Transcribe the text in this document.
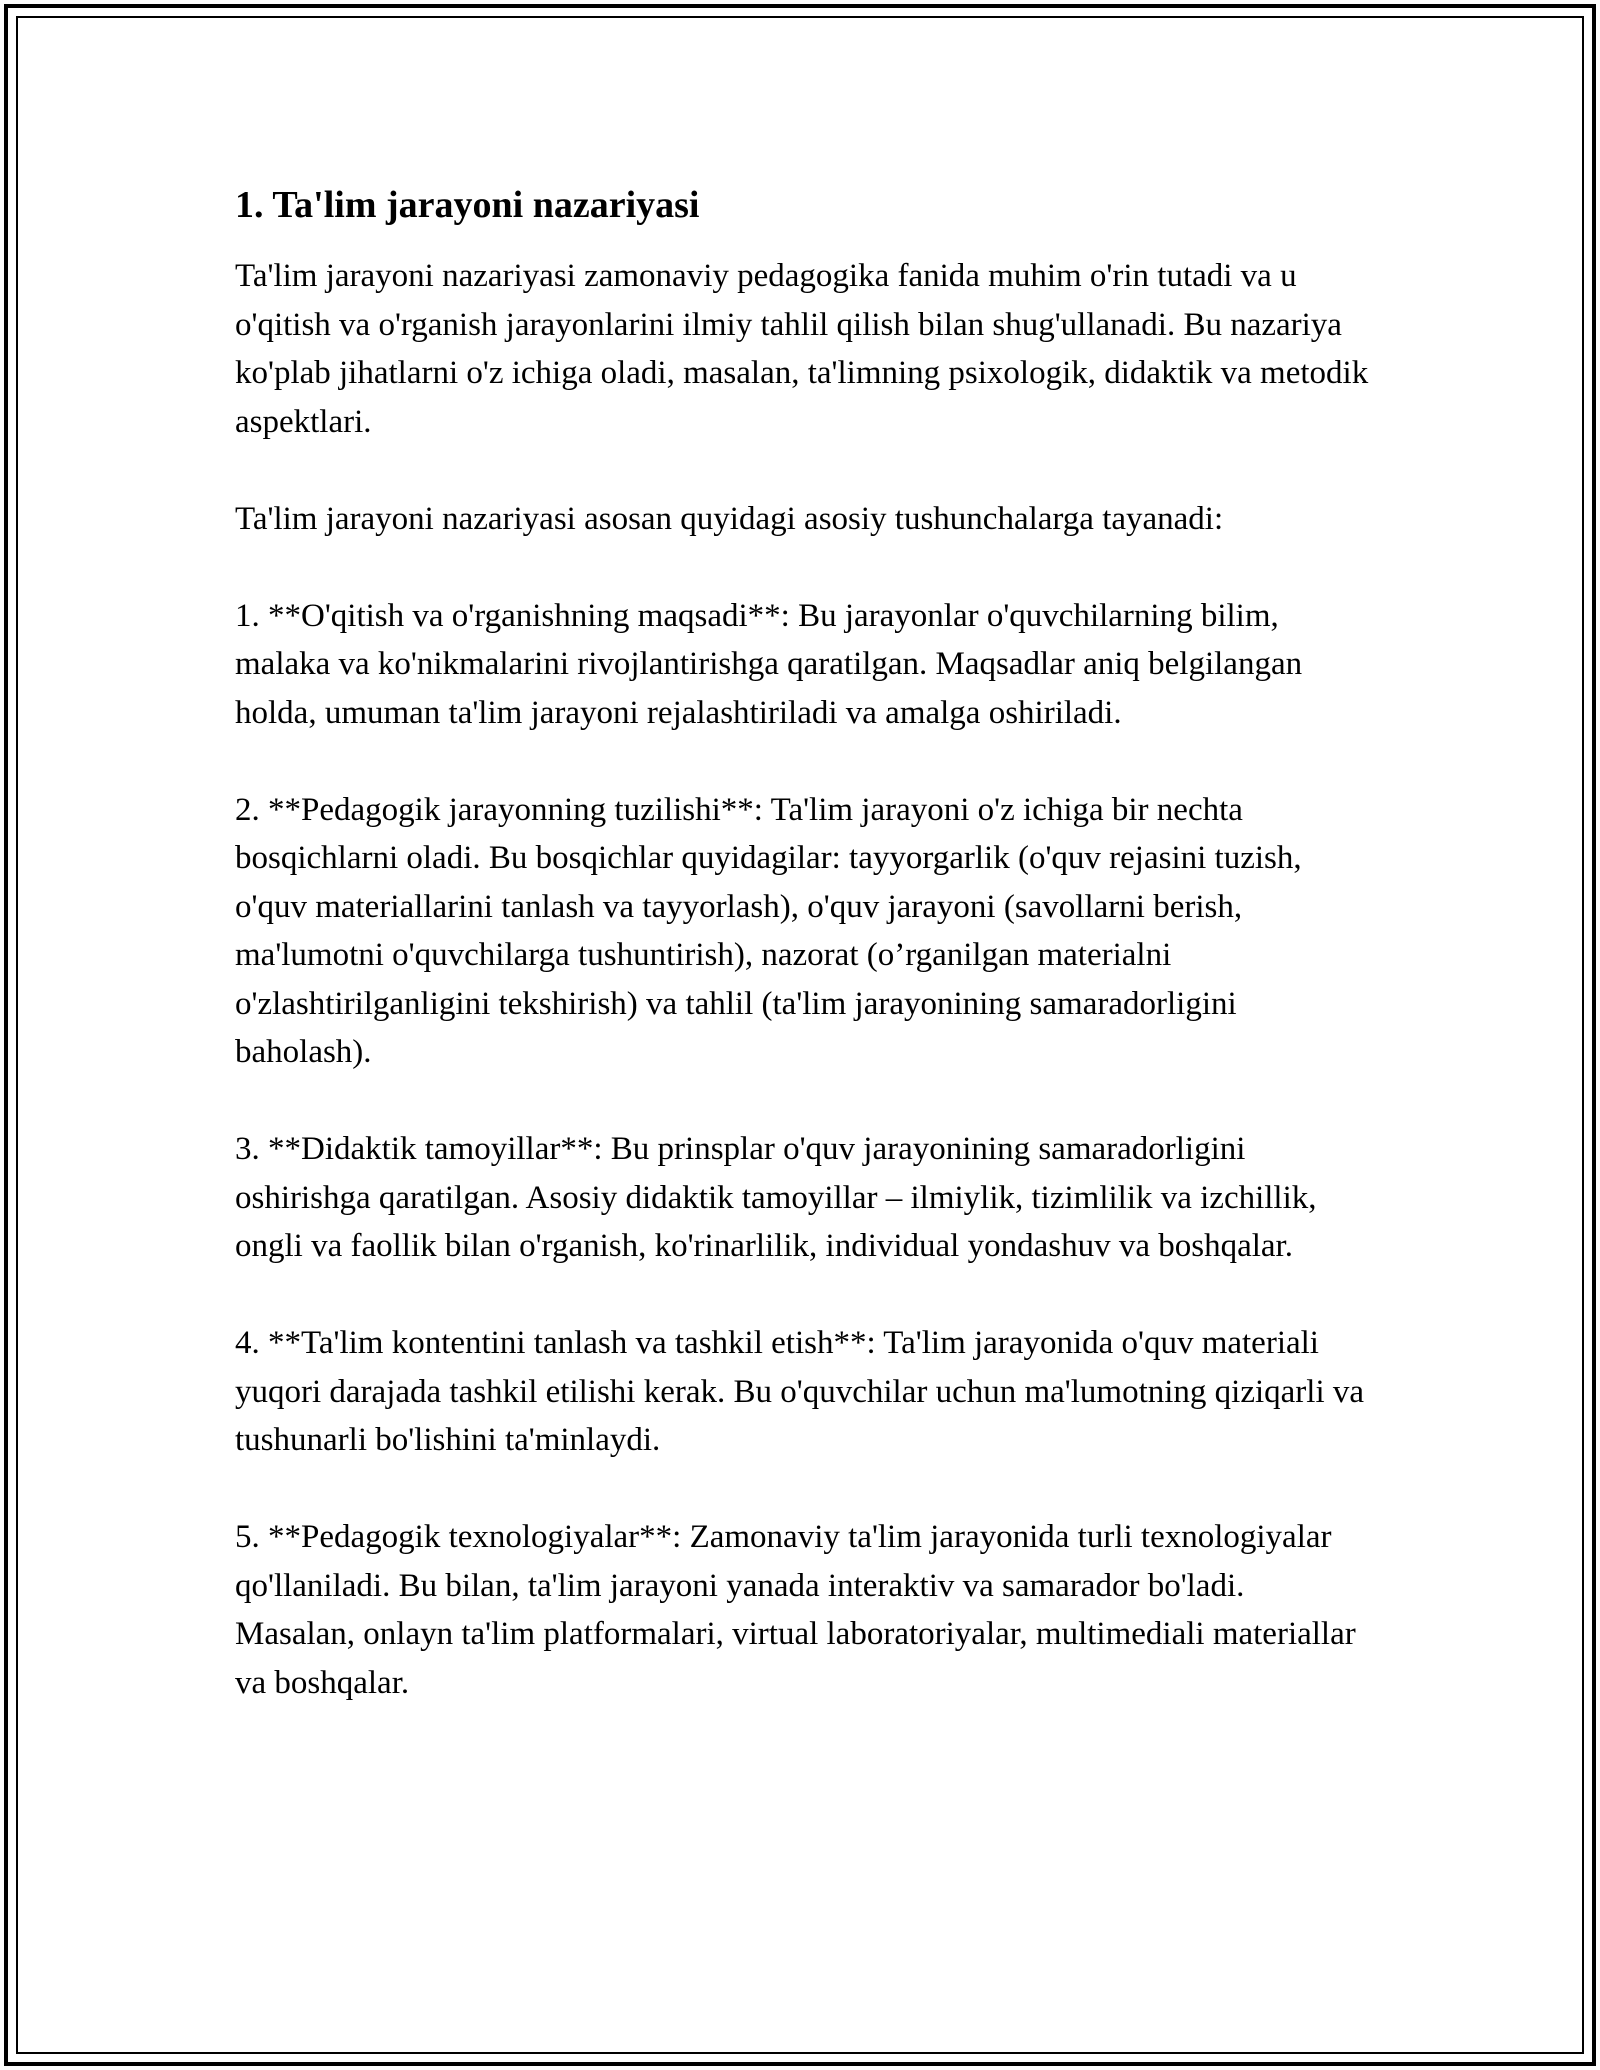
1. Ta'lim jarayoni nazariyasi

Ta'lim jarayoni nazariyasi zamonaviy pedagogika fanida muhim o'rin tutadi va u o'qitish va o'rganish jarayonlarini ilmiy tahlil qilish bilan shug'ullanadi. Bu nazariya ko'plab jihatlarni o'z ichiga oladi, masalan, ta'limning psixologik, didaktik va metodik aspektlari.

Ta'lim jarayoni nazariyasi asosan quyidagi asosiy tushunchalarga tayanadi:

1. **O'qitish va o'rganishning maqsadi**: Bu jarayonlar o'quvchilarning bilim, malaka va ko'nikmalarini rivojlantirishga qaratilgan. Maqsadlar aniq belgilangan holda, umuman ta'lim jarayoni rejalashtiriladi va amalga oshiriladi.

2. **Pedagogik jarayonning tuzilishi**: Ta'lim jarayoni o'z ichiga bir nechta bosqichlarni oladi. Bu bosqichlar quyidagilar: tayyorgarlik (o'quv rejasini tuzish, o'quv materiallarini tanlash va tayyorlash), o'quv jarayoni (savollarni berish, ma'lumotni o'quvchilarga tushuntirish), nazorat (o’rganilgan materialni o'zlashtirilganligini tekshirish) va tahlil (ta'lim jarayonining samaradorligini baholash).

3. **Didaktik tamoyillar**: Bu prinsplar o'quv jarayonining samaradorligini oshirishga qaratilgan. Asosiy didaktik tamoyillar – ilmiylik, tizimlilik va izchillik, ongli va faollik bilan o'rganish, ko'rinarlilik, individual yondashuv va boshqalar.

4. **Ta'lim kontentini tanlash va tashkil etish**: Ta'lim jarayonida o'quv materiali yuqori darajada tashkil etilishi kerak. Bu o'quvchilar uchun ma'lumotning qiziqarli va tushunarli bo'lishini ta'minlaydi.

5. **Pedagogik texnologiyalar**: Zamonaviy ta'lim jarayonida turli texnologiyalar qo'llaniladi. Bu bilan, ta'lim jarayoni yanada interaktiv va samarador bo'ladi. Masalan, onlayn ta'lim platformalari, virtual laboratoriyalar, multimediali materiallar va boshqalar.
